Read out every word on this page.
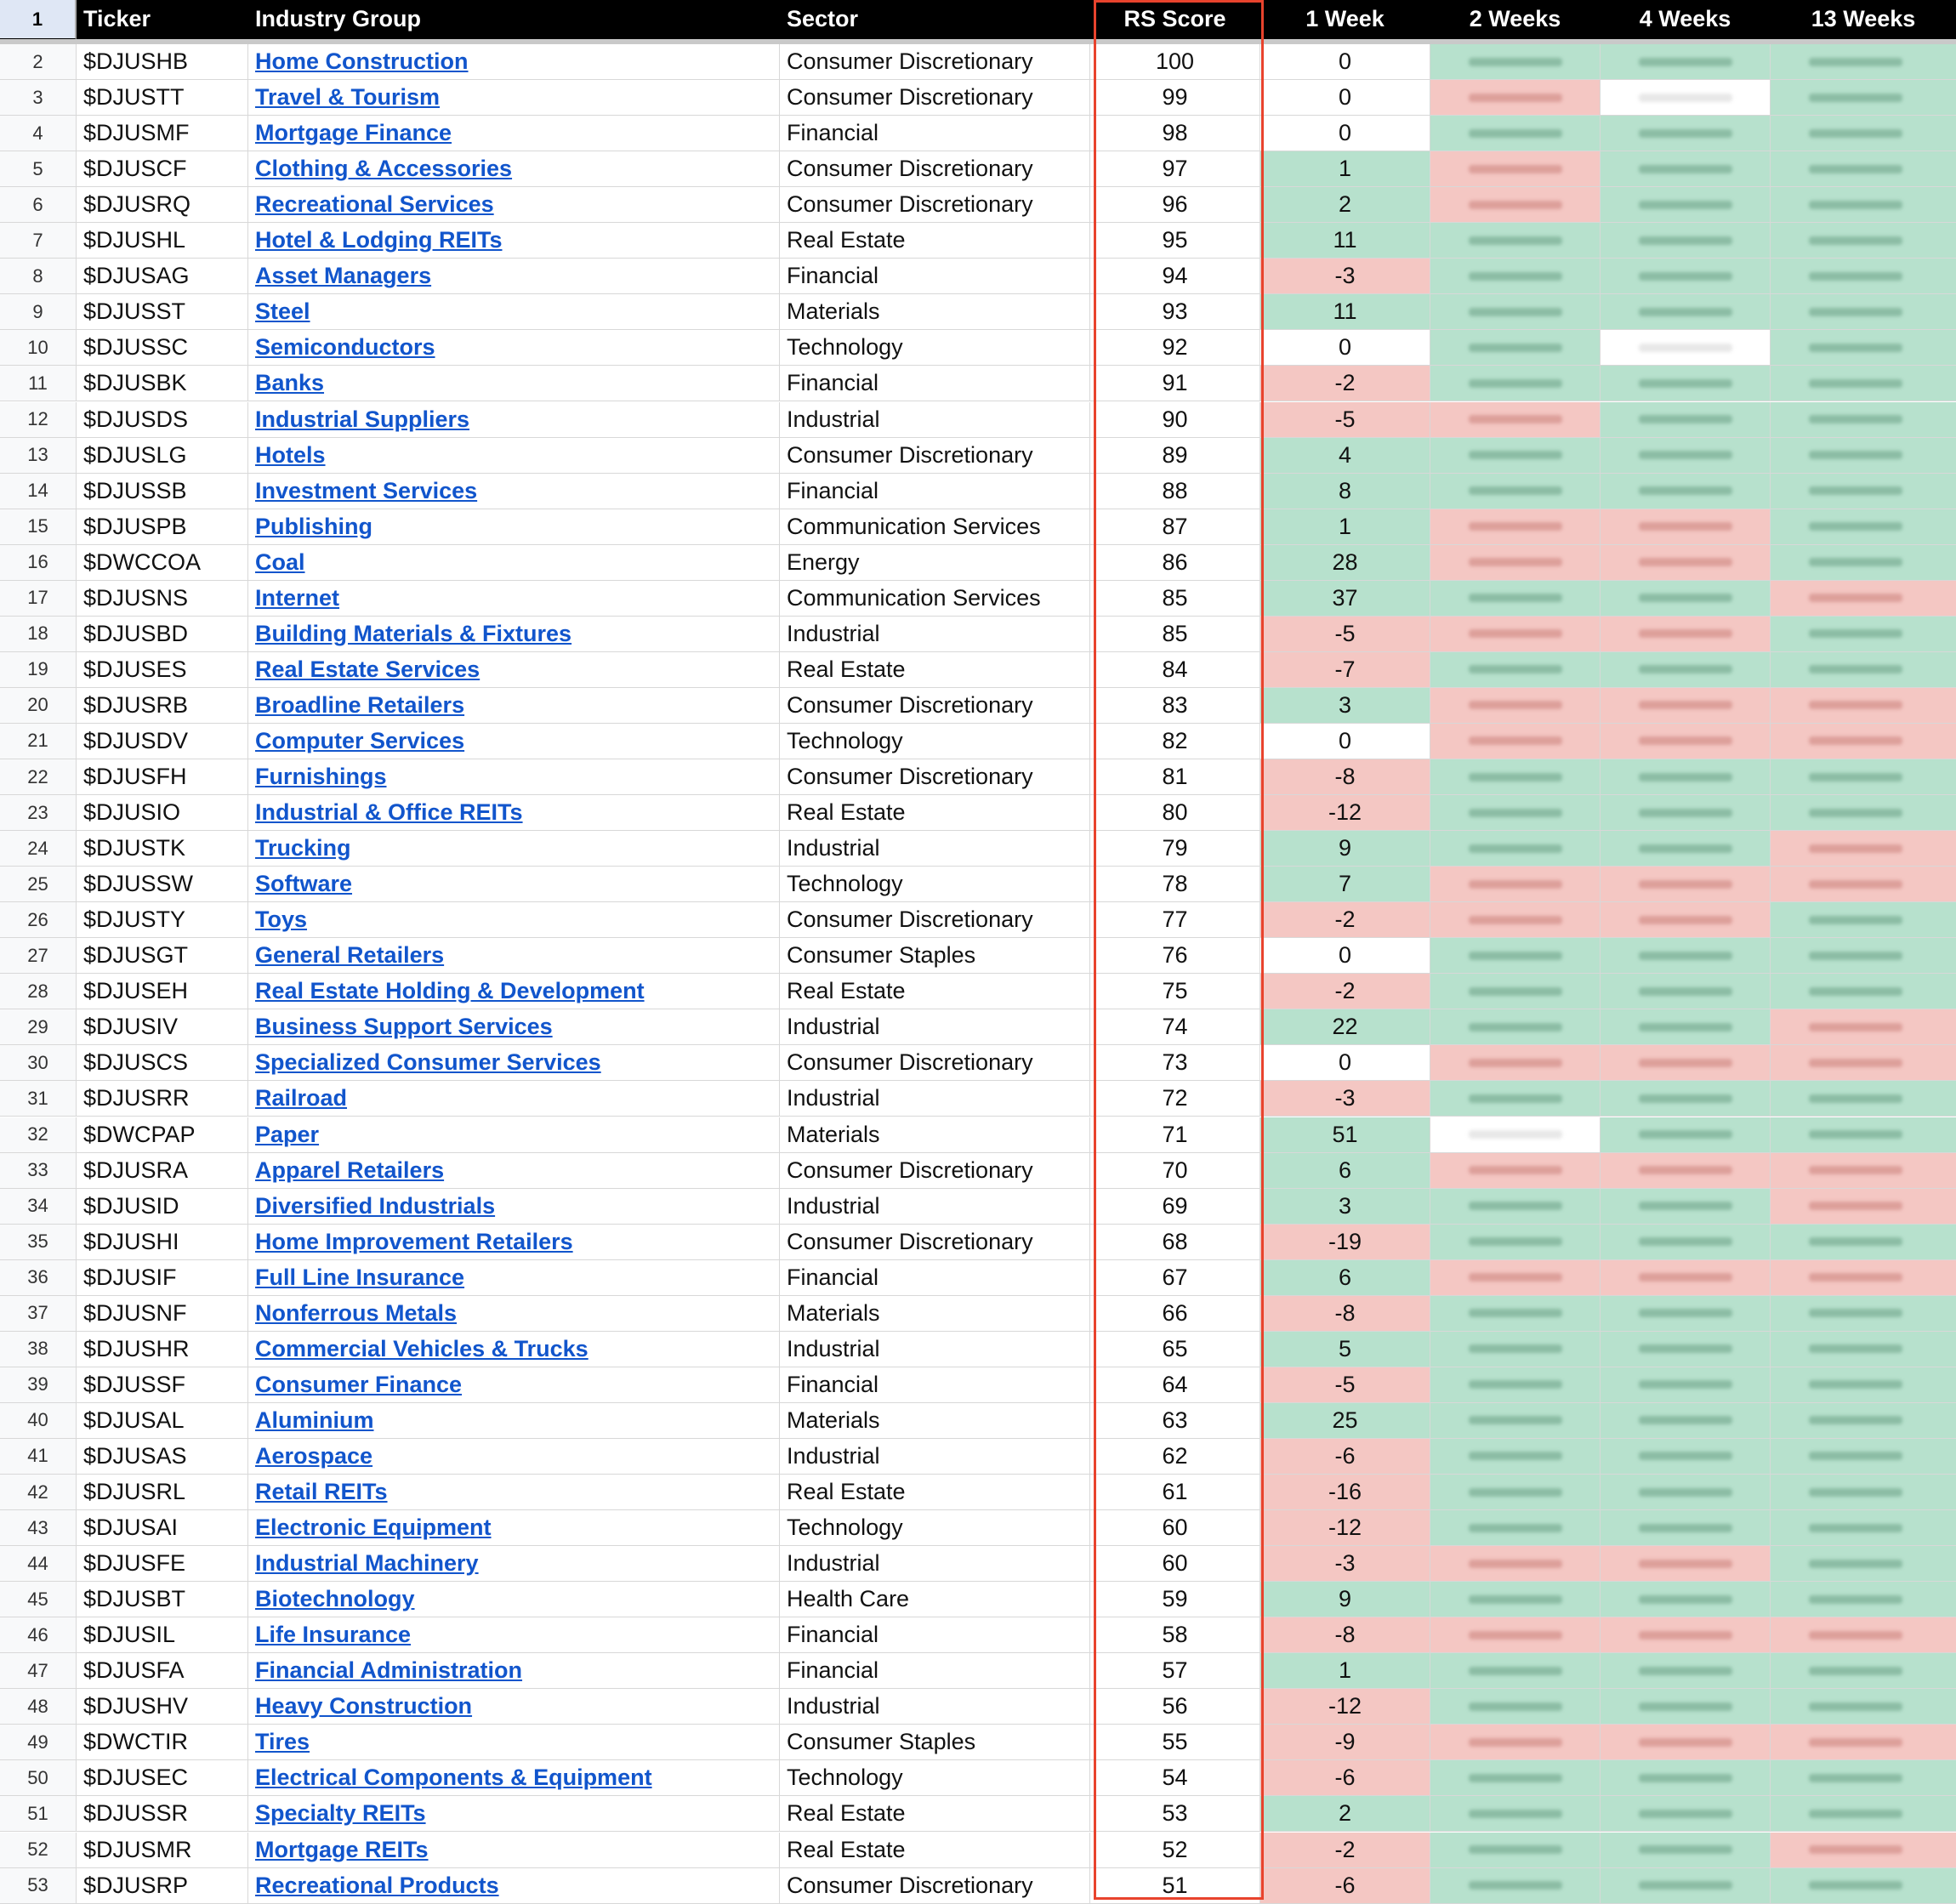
1	Ticker	Industry Group	Sector	RS Score	1 Week	2 Weeks	4 Weeks	13 Weeks
2	$DJUSHB	Home Construction	Consumer Discretionary	100	0
3	$DJUSTT	Travel & Tourism	Consumer Discretionary	99	0
4	$DJUSMF	Mortgage Finance	Financial	98	0
5	$DJUSCF	Clothing & Accessories	Consumer Discretionary	97	1
6	$DJUSRQ	Recreational Services	Consumer Discretionary	96	2
7	$DJUSHL	Hotel & Lodging REITs	Real Estate	95	11
8	$DJUSAG	Asset Managers	Financial	94	-3
9	$DJUSST	Steel	Materials	93	11
10	$DJUSSC	Semiconductors	Technology	92	0
11	$DJUSBK	Banks	Financial	91	-2
12	$DJUSDS	Industrial Suppliers	Industrial	90	-5
13	$DJUSLG	Hotels	Consumer Discretionary	89	4
14	$DJUSSB	Investment Services	Financial	88	8
15	$DJUSPB	Publishing	Communication Services	87	1
16	$DWCCOA	Coal	Energy	86	28
17	$DJUSNS	Internet	Communication Services	85	37
18	$DJUSBD	Building Materials & Fixtures	Industrial	85	-5
19	$DJUSES	Real Estate Services	Real Estate	84	-7
20	$DJUSRB	Broadline Retailers	Consumer Discretionary	83	3
21	$DJUSDV	Computer Services	Technology	82	0
22	$DJUSFH	Furnishings	Consumer Discretionary	81	-8
23	$DJUSIO	Industrial & Office REITs	Real Estate	80	-12
24	$DJUSTK	Trucking	Industrial	79	9
25	$DJUSSW	Software	Technology	78	7
26	$DJUSTY	Toys	Consumer Discretionary	77	-2
27	$DJUSGT	General Retailers	Consumer Staples	76	0
28	$DJUSEH	Real Estate Holding & Development	Real Estate	75	-2
29	$DJUSIV	Business Support Services	Industrial	74	22
30	$DJUSCS	Specialized Consumer Services	Consumer Discretionary	73	0
31	$DJUSRR	Railroad	Industrial	72	-3
32	$DWCPAP	Paper	Materials	71	51
33	$DJUSRA	Apparel Retailers	Consumer Discretionary	70	6
34	$DJUSID	Diversified Industrials	Industrial	69	3
35	$DJUSHI	Home Improvement Retailers	Consumer Discretionary	68	-19
36	$DJUSIF	Full Line Insurance	Financial	67	6
37	$DJUSNF	Nonferrous Metals	Materials	66	-8
38	$DJUSHR	Commercial Vehicles & Trucks	Industrial	65	5
39	$DJUSSF	Consumer Finance	Financial	64	-5
40	$DJUSAL	Aluminium	Materials	63	25
41	$DJUSAS	Aerospace	Industrial	62	-6
42	$DJUSRL	Retail REITs	Real Estate	61	-16
43	$DJUSAI	Electronic Equipment	Technology	60	-12
44	$DJUSFE	Industrial Machinery	Industrial	60	-3
45	$DJUSBT	Biotechnology	Health Care	59	9
46	$DJUSIL	Life Insurance	Financial	58	-8
47	$DJUSFA	Financial Administration	Financial	57	1
48	$DJUSHV	Heavy Construction	Industrial	56	-12
49	$DWCTIR	Tires	Consumer Staples	55	-9
50	$DJUSEC	Electrical Components & Equipment	Technology	54	-6
51	$DJUSSR	Specialty REITs	Real Estate	53	2
52	$DJUSMR	Mortgage REITs	Real Estate	52	-2
53	$DJUSRP	Recreational Products	Consumer Discretionary	51	-6
